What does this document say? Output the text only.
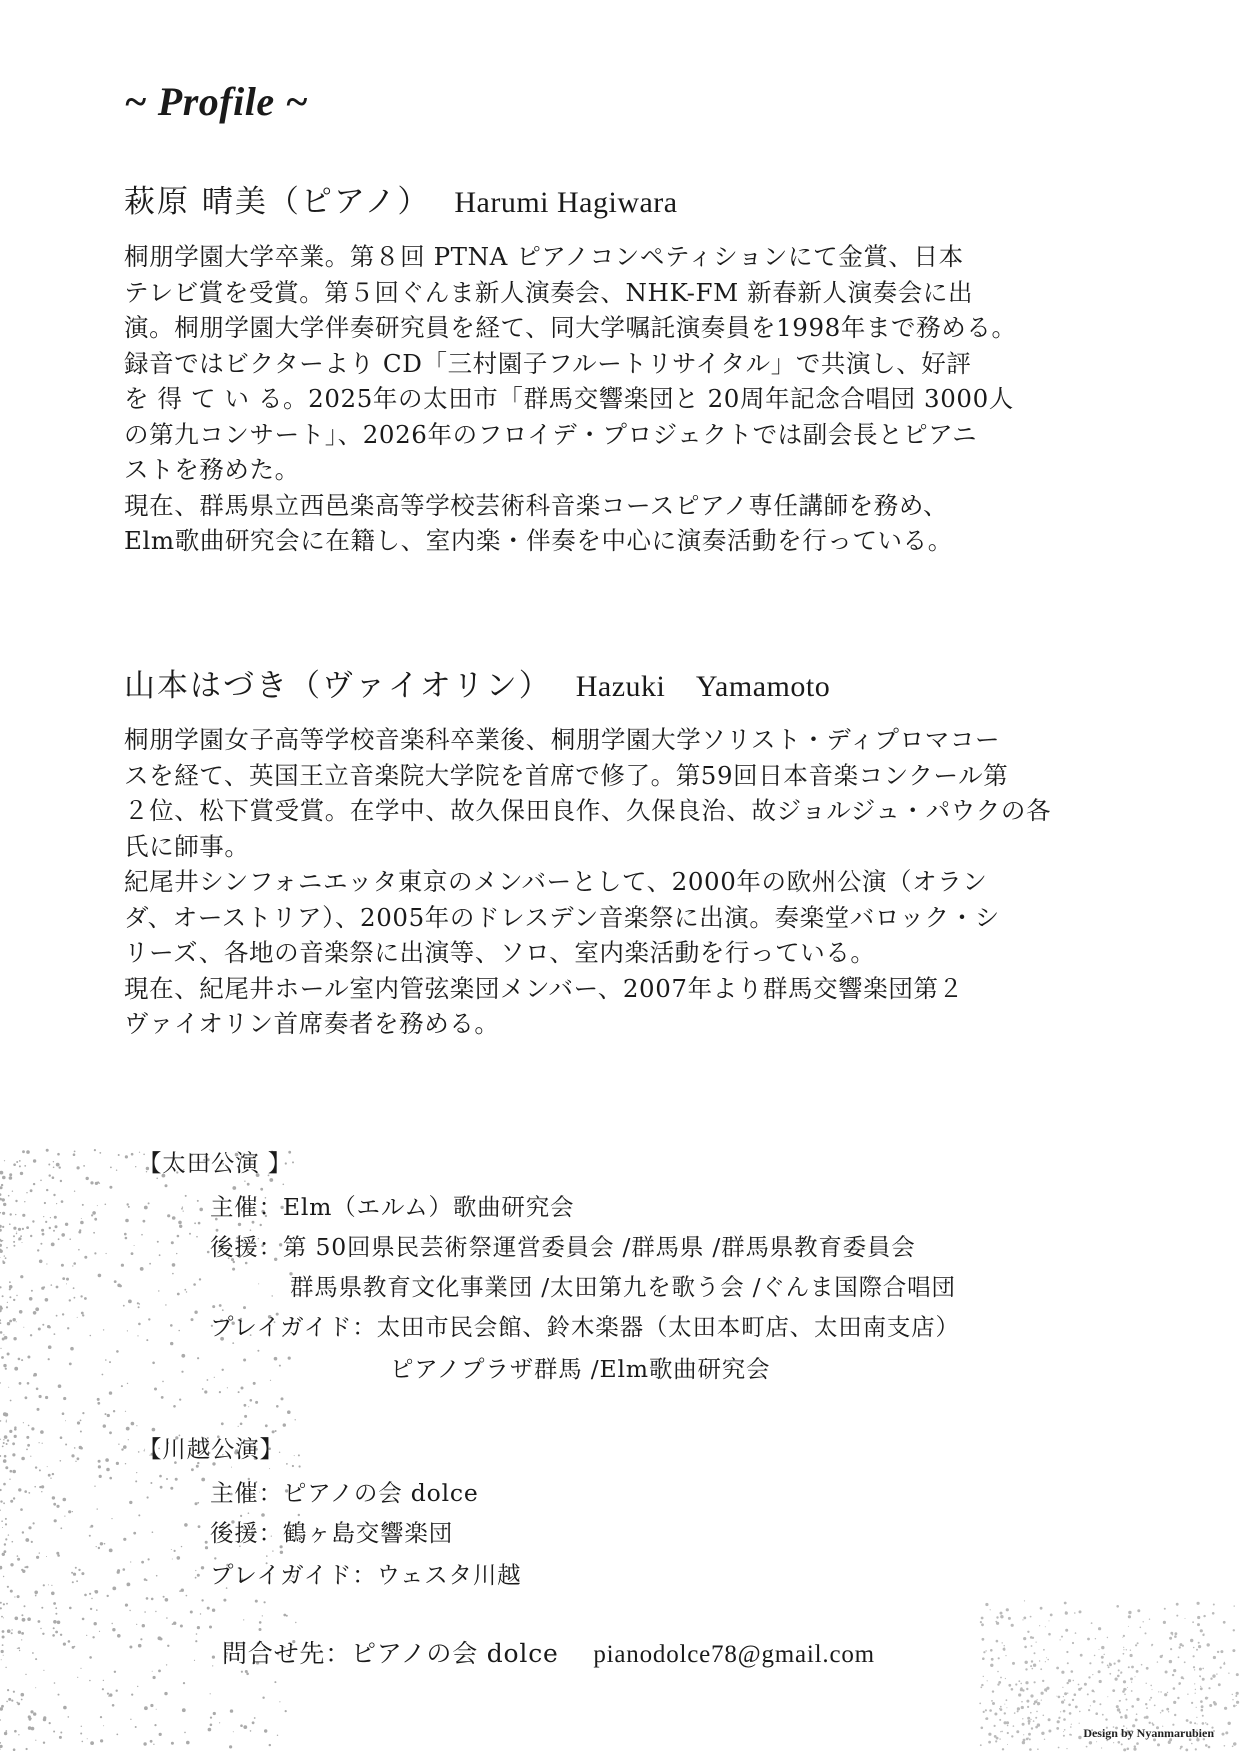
~ Profile ~
萩原 晴美（ピアノ） Harumi Hagiwara
桐朋学園大学卒業。第８回 PTNA ピアノコンペティションにて金賞、日本
テレビ賞を受賞。第５回ぐんま新人演奏会、NHK-FM 新春新人演奏会に出
演。桐朋学園大学伴奏研究員を経て、同大学嘱託演奏員を1998年まで務める。
録音ではビクターより CD「三村園子フルートリサイタル」で共演し、好評
を 得 て い る。2025年の太田市「群馬交響楽団と 20周年記念合唱団 3000人
の第九コンサート」、2026年のフロイデ・プロジェクトでは副会長とピアニ
ストを務めた。
現在、群馬県立西邑楽高等学校芸術科音楽コースピアノ専任講師を務め、
Elm歌曲研究会に在籍し、室内楽・伴奏を中心に演奏活動を行っている。
山本はづき（ヴァイオリン） Hazuki　Yamamoto
桐朋学園女子高等学校音楽科卒業後、桐朋学園大学ソリスト・ディプロマコー
スを経て、英国王立音楽院大学院を首席で修了。第59回日本音楽コンクール第
２位、松下賞受賞。在学中、故久保田良作、久保良治、故ジョルジュ・パウクの各
氏に師事。
紀尾井シンフォニエッタ東京のメンバーとして、2000年の欧州公演（オラン
ダ、オーストリア）、2005年のドレスデン音楽祭に出演。奏楽堂バロック・シ
リーズ、各地の音楽祭に出演等、ソロ、室内楽活動を行っている。
現在、紀尾井ホール室内管弦楽団メンバー、2007年より群馬交響楽団第２
ヴァイオリン首席奏者を務める。
【太田公演 】
主催：Elm（エルム）歌曲研究会
後援：第 50回県民芸術祭運営委員会 /群馬県 /群馬県教育委員会
群馬県教育文化事業団 /太田第九を歌う会 /ぐんま国際合唱団
プレイガイド：太田市民会館、鈴木楽器（太田本町店、太田南支店）
ピアノプラザ群馬 /Elm歌曲研究会
【川越公演】
主催：ピアノの会 dolce
後援：鶴ヶ島交響楽団
プレイガイド：ウェスタ川越
問合せ先：ピアノの会 dolce pianodolce78@gmail.com
Design by Nyanmarubien
